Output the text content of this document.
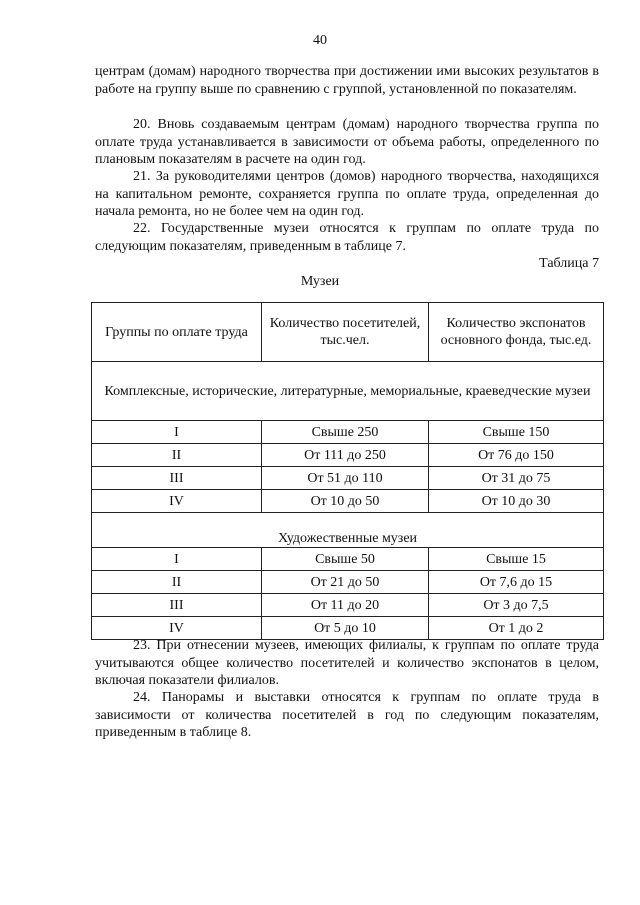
40

центрам (домам) народного творчества при достижении ими высоких результатов в работе на группу выше по сравнению с группой, установленной по показателям.

20. Вновь создаваемым центрам (домам) народного творчества группа по оплате труда устанавливается в зависимости от объема работы, определенного по плановым показателям в расчете на один год.

21. За руководителями центров (домов) народного творчества, находящихся на капитальном ремонте, сохраняется группа по оплате труда, определенная до начала ремонта, но не более чем на один год.

22. Государственные музеи относятся к группам по оплате труда по следующим показателям, приведенным в таблице 7.

Таблица 7
Музеи
Группы по оплате труда	Количество посетителей, тыс.чел.	Количество экспонатов основного фонда, тыс.ед.
Комплексные, исторические, литературные, мемориальные, краеведческие музеи		
I	Свыше 250	Свыше 150
II	От 111 до 250	От 76 до 150
III	От 51 до 110	От 31 до 75
IV	От 10 до 50	От 10 до 30
Художественные музеи		
I	Свыше 50	Свыше 15
II	От 21 до 50	От 7,6 до 15
III	От 11 до 20	От 3 до 7,5
IV	От 5 до 10	От 1 до 2

23. При отнесении музеев, имеющих филиалы, к группам по оплате труда учитываются общее количество посетителей и количество экспонатов в целом, включая показатели филиалов.

24. Панорамы и выставки относятся к группам по оплате труда в зависимости от количества посетителей в год по следующим показателям, приведенным в таблице 8.
